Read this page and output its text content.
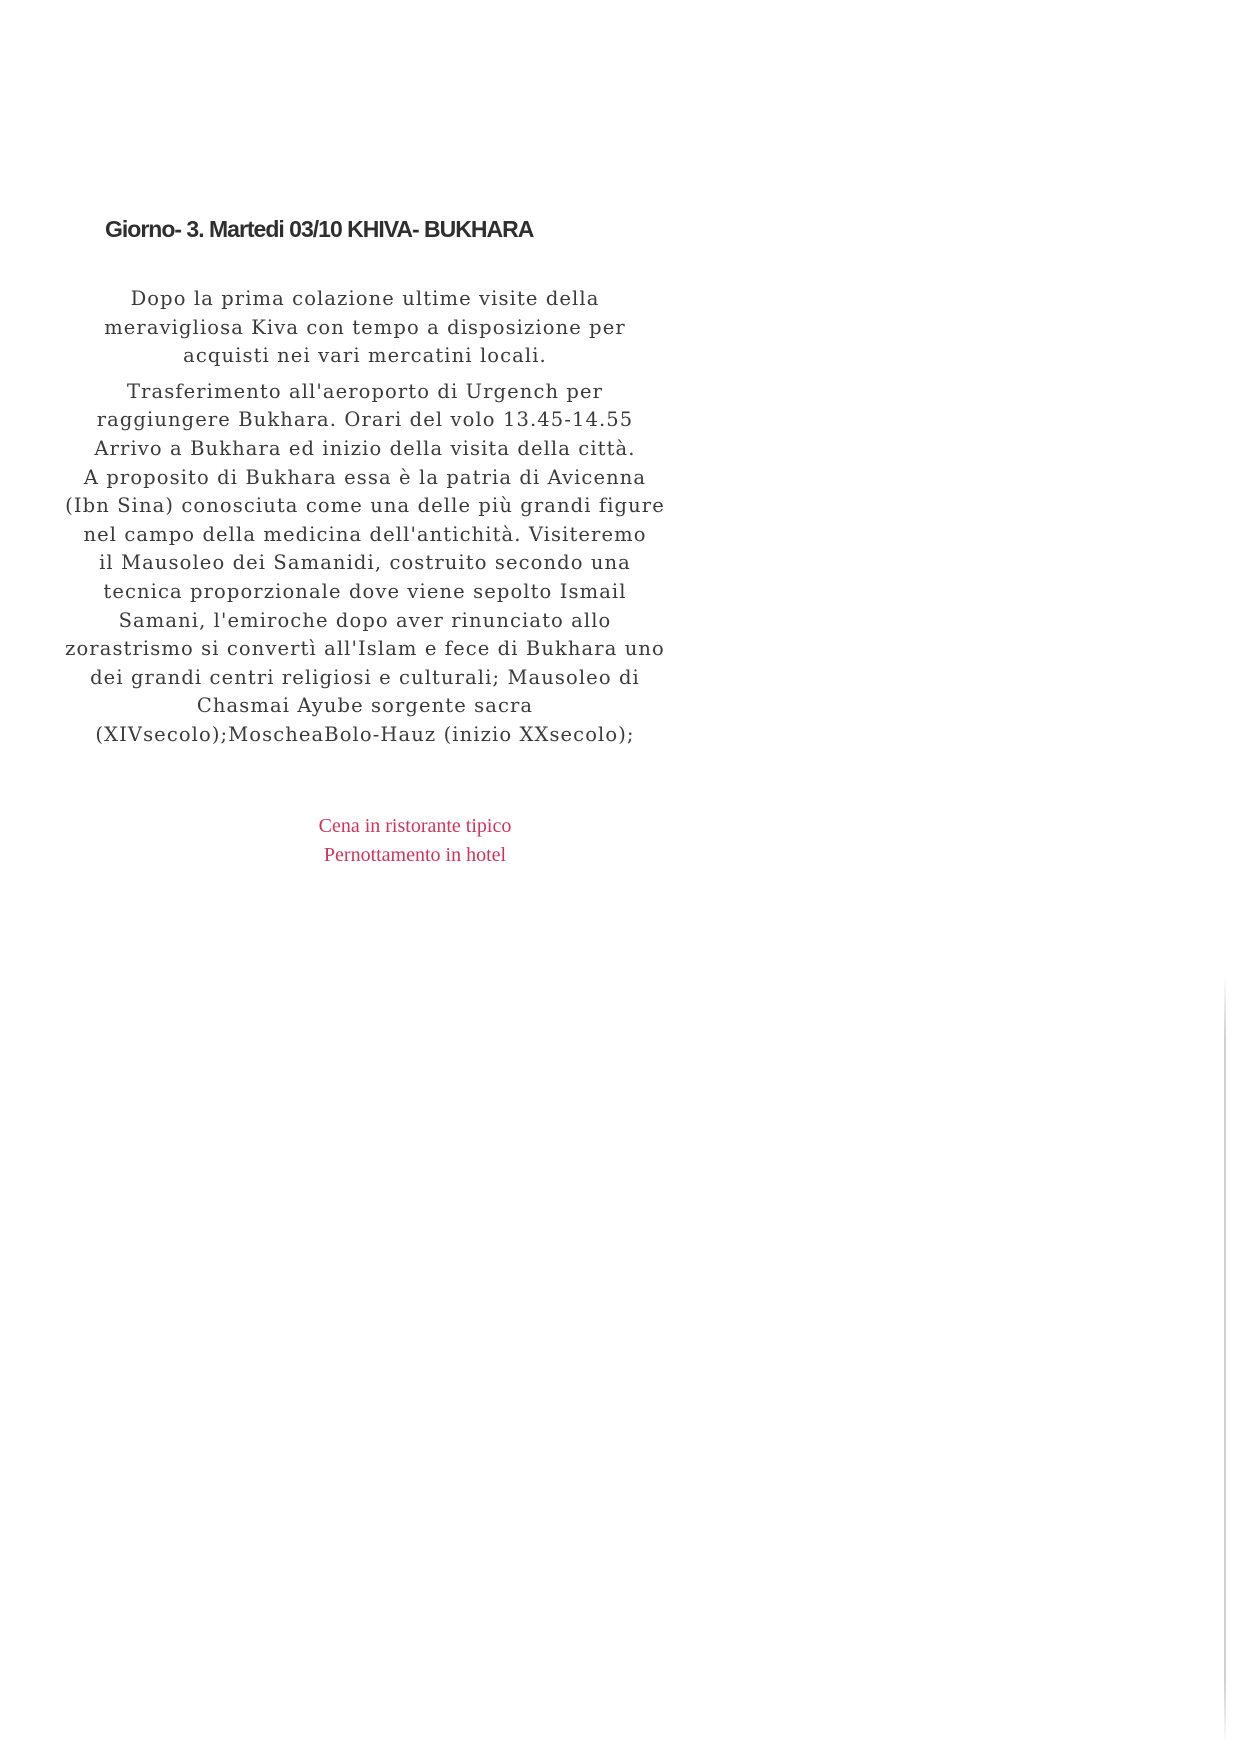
Giorno- 3. Martedi 03/10 KHIVA- BUKHARA
Dopo la prima colazione ultime visite della
meravigliosa Kiva con tempo a disposizione per
acquisti nei vari mercatini locali.
Trasferimento all'aeroporto di Urgench per
raggiungere Bukhara. Orari del volo 13.45-14.55
Arrivo a Bukhara ed inizio della visita della città.
A proposito di Bukhara essa è la patria di Avicenna
(Ibn Sina) conosciuta come una delle più grandi figure
nel campo della medicina dell'antichità. Visiteremo
il Mausoleo dei Samanidi, costruito secondo una
tecnica proporzionale dove viene sepolto Ismail
Samani, l'emiroche dopo aver rinunciato allo
zorastrismo si convertì all'Islam e fece di Bukhara uno
dei grandi centri religiosi e culturali; Mausoleo di
Chasmai Ayube sorgente sacra
(XIVsecolo);MoscheaBolo-Hauz (inizio XXsecolo);
Cena in ristorante tipico
Pernottamento in hotel
